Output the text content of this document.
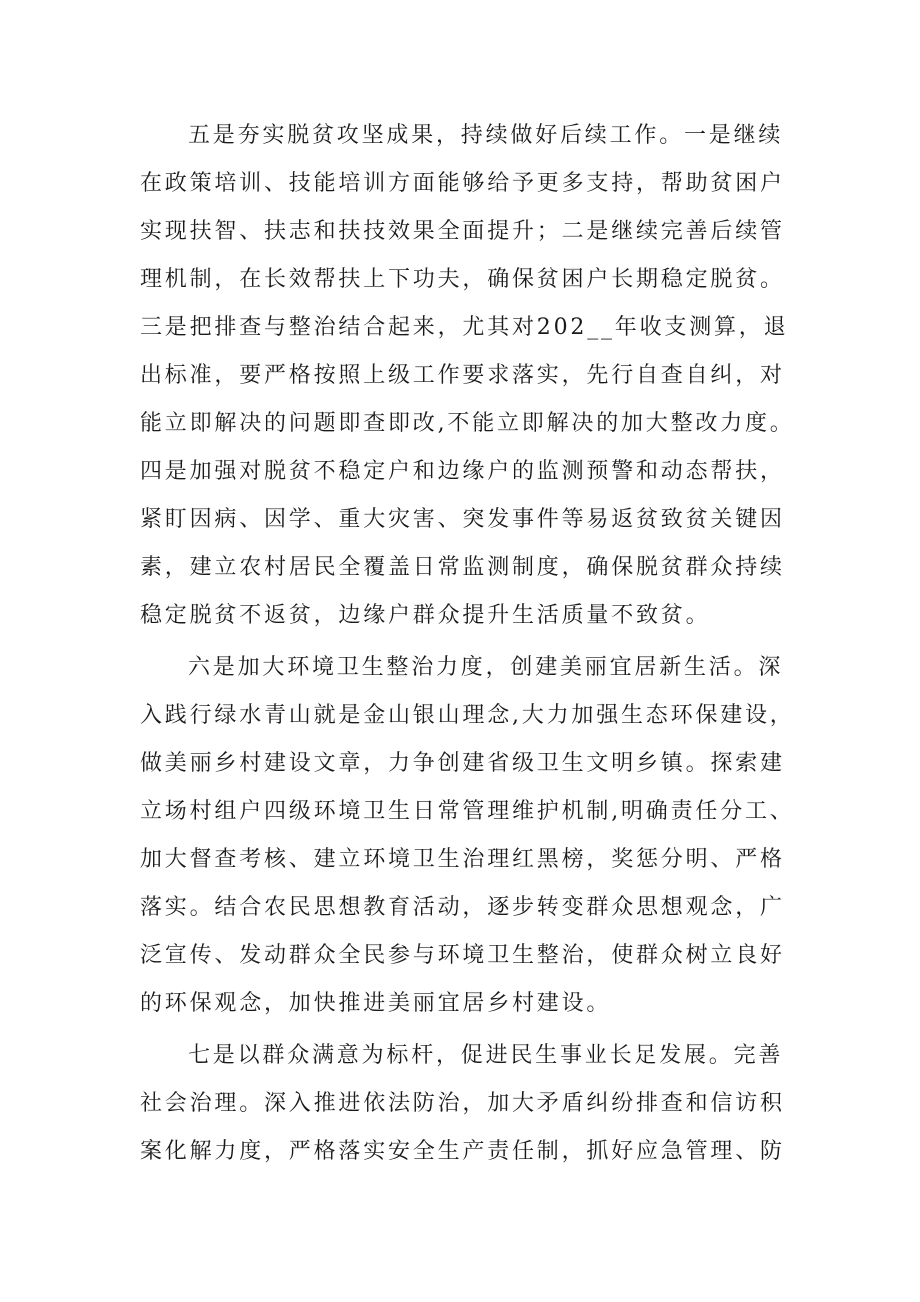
五是夯实脱贫攻坚成果，持续做好后续工作。一是继续
在政策培训、技能培训方面能够给予更多支持，帮助贫困户
实现扶智、扶志和扶技效果全面提升；二是继续完善后续管
理机制，在长效帮扶上下功夫，确保贫困户长期稳定脱贫。
三是把排查与整治结合起来，尤其对202__年收支测算，退
出标准，要严格按照上级工作要求落实，先行自查自纠，对
能立即解决的问题即查即改,不能立即解决的加大整改力度。
四是加强对脱贫不稳定户和边缘户的监测预警和动态帮扶，
紧盯因病、因学、重大灾害、突发事件等易返贫致贫关键因
素，建立农村居民全覆盖日常监测制度，确保脱贫群众持续
稳定脱贫不返贫，边缘户群众提升生活质量不致贫。
六是加大环境卫生整治力度，创建美丽宜居新生活。深
入践行绿水青山就是金山银山理念,大力加强生态环保建设，
做美丽乡村建设文章，力争创建省级卫生文明乡镇。探索建
立场村组户四级环境卫生日常管理维护机制,明确责任分工、
加大督查考核、建立环境卫生治理红黑榜，奖惩分明、严格
落实。结合农民思想教育活动，逐步转变群众思想观念，广
泛宣传、发动群众全民参与环境卫生整治，使群众树立良好
的环保观念，加快推进美丽宜居乡村建设。
七是以群众满意为标杆，促进民生事业长足发展。完善
社会治理。深入推进依法防治，加大矛盾纠纷排查和信访积
案化解力度，严格落实安全生产责任制，抓好应急管理、防
